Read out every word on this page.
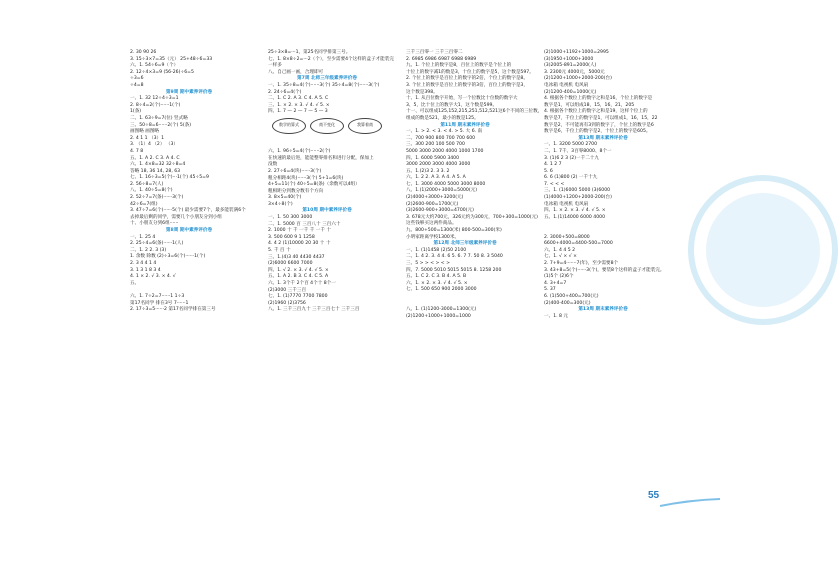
2. 30 90 26
3. 15÷3×7=35（元） 25+48÷6=33
六、1. 54÷6=9（个）
2. 12÷4×3=9 (56-26)÷6=5
÷3=6
÷4=8
第9周 期中素养评价卷
一、1. 32 12÷4÷3=1
2. 8÷4=2(个)······1(个)
1(条)
二、1. 63÷9=7(位) 竖式略
三、50÷8=6······2(个) 5(条)
画图略 画图略
2. 4 1 1 （3）1
3. （1）4 （2） （3）
4. 7 8
五、1. A 2. C 3. A 4. C
六、1. 4×8=32 32÷8=4
答略 18, 36 14, 28, 63
七、1. 16÷3=5(个)···1(个) 45÷5=9
2. 56÷8=7(人)
八、1. 40÷5=8(个)
2. 52÷7=7(条)······3(个)
42÷6=7(组)
3. 47÷7=6(个)······5(个) 最少需要7个，最多能装满6个
去掉最后剩的同学，需要几个小朋友分到小组
十、小朋友分到6组······
第8周 期中素养评价卷
一、1. 25 4
2. 25÷4=6(条)······1(人)
二、1. 2 2. 3 (3)
1. 余数 除数 (2)÷3=6(个)······1(个)
2. 3 4 4 1 4
3. 1 3 1 8 3 4
4. 1 × 2. √ 3. × 4. √
五、
六、1. 7÷2=7······1 1÷3
第17名同学 排在3号 7······1
2. 17÷3=5······2 第17名同学排在第三号
25÷3×8=···1，第25名同学排第三号。
七、1. 8×8÷2=···2（个），至少需要4个这样的盒子才能装完
一样多
八、自己画一画，合理即可
第7周 北师三年级素养评价卷
一、1. 35÷8=4(个)······3(个) 35÷4=8(个)······3(个)
2. 24÷6=4(个)
二、1. C 2. A 3. C 4. A 5. C
三、1. × 2. × 3. √ 4. √ 5. ×
四、1. 7 — 2 — 7 — 5 — 3
数学的算式	商不变化	我算着商
六、1. 96÷5=4(个)······2(个)
在快速的最后进，能能整零排名和进行分配，保加上
没数
2. 27÷6=4(块)······3(个)
粗分相距4(块)······3(个) 5+1=6(块)
4+5=11(个) 40÷5=8(条)（余数可以4组）
粗相距分到数分数有个方向
3. 8×5=40(个)
3×4÷8(个)
第10周 期中素养评价卷
一、1. 50 300 3000
二、1. 5000 百 三百八十 三百六十
2. 1000 十 千 一千 千 一千 十
3. 500 600 9 1 1258
4. 4 2 (1)10000 20 30 十 十
5. 千 百 十
三、1.(4)3 40 4430 4437
(2)6000 6600 7000
四、1. √ 2. × 3. √ 4. √ 5. ×
五、1. A 2. B 3. C 4. C 5. A
六、1. 3个千 2个百 4个十 8个一
(2)3000 三千三百
七、1. (1)7770 7700 7800
(2)1960 (2)3756
八、1. 三千三百九十 三千三百七十 三千三百
三千三百零一 三千三百零二
2. 6985 6986 6987 6988 6989
九、1. 个位上的数字是8，百位上的数字是个位上的
十位上的数字减1的数是3，十位上的数字是5，这个数是597。
2. 个位上的数字是百位上的数字的2倍，个位上的数字是8。
3. 个位上的数字是百位上的数字的3倍，百位上的数字是3，
这个数是398。
十、1. 从百位数字开始，写一个位数比十位数的数字大
3、5，比十位上的数字大1，这个数是599。
十一、可以组成125,152,215,251,512,521这6个不同的三位数，
组成的数是521，最小的数是125。
第11周 期末素养评价卷
一、1. > 2. < 3. < 4. > 5. 大 6. 南
二、700 900 800 700 700 600
三、300 200 100 500 700
5000 3000 2000 4000 1000 1700
四、1. 6000 5900 3400
3000 2000 3000 4000 3000
五、1.(2)3 2. 3 3. 2
六、1. 2 2. A 3. A 4. A 5. A
七、1. 3000 4000 5000 3000 8000
八、1.(1)2000+3000=5000(元)
(2)4000+3000+3200(元)
(2)2600-900=1700(元)
(3)2600-900+3000=4700(元)
3. 678元大约700元，326元约为300元，700+300=1000(元)
这些钱够买这两件商品。
九、800+500=1300(米) 800-500=300(米)
小明家距离学校1300米。
第12周 北师三年级素养评价卷
一、1. (1)1458 (2)50 2100
二、1. 4 2. 3. 4 4. 6 5. 6. 7 7. 50 8. 3 5040
三、5 > > < > < >
四、7. 5000 5010 5015 5015 8. 1258 200
五、1. C 2. C 3. B 4. A 5. B
六、1. × 2. × 3. √ 4. √ 5. ×
七、1. 500 650 900 2000 3000
八、1. (1)1200-3000=1300(元)
(2)1200+1000+1000=1000
(2)1000+1192+1000=2995
(3)1950+1000+3000
(3)2005-891=2000(人)
3. 2300元 4000元，5000元
(2)1200+1000+2000-200(台)
电冰箱 电视机 电风扇
(2)1200-400=1000(元)
4. 根据各个数位上的数字之和是16，个位上的数字是
数字是1，可以组成18，15，16，21，205
4. 根据各个数位上的数字之和是19，这样个位上的
数字是7，千位上的数字是1，可以组成1，16，15，22
数字是2，不可能再有3到的数字了，个位上的数字是6
数字是6，千位上的数字是2，十位上的数字是605。
第13周 期末素养评价卷
一、1. 3200 5000 2700
二、1. 7千、3百零8000、8个一
3. (1)6 2 3 (2)一千二十九
4. 1 2 7
5. 6
6. 6 (1)800 (2) 一千十九
7. < < <
三、1. (1)6000 5000 (3)6000
(1)4000+1200+2000-200(台)
电冰箱 电视机 电风扇
四、1. × 2. × 3. √ 4. √ 5. ×
五、1.(1)14000 6000 4000
2. 3000+500=8000
6600+4000=4400-500=7000
六、1. 4 4 5 2
七、1. √ × √ ×
2. 7+9=4·······7(年)，至少需要8个
3. 43+8=5(个)······3(个)，要装8个这样的盒子才能装完。
(1)5个 (2)6个
4. 3+4=7
5. 37
6. (1)500+400=700(元)
(2)400-400=300(元)
第13周 期末素养评价卷
一、1. 8 元
55
